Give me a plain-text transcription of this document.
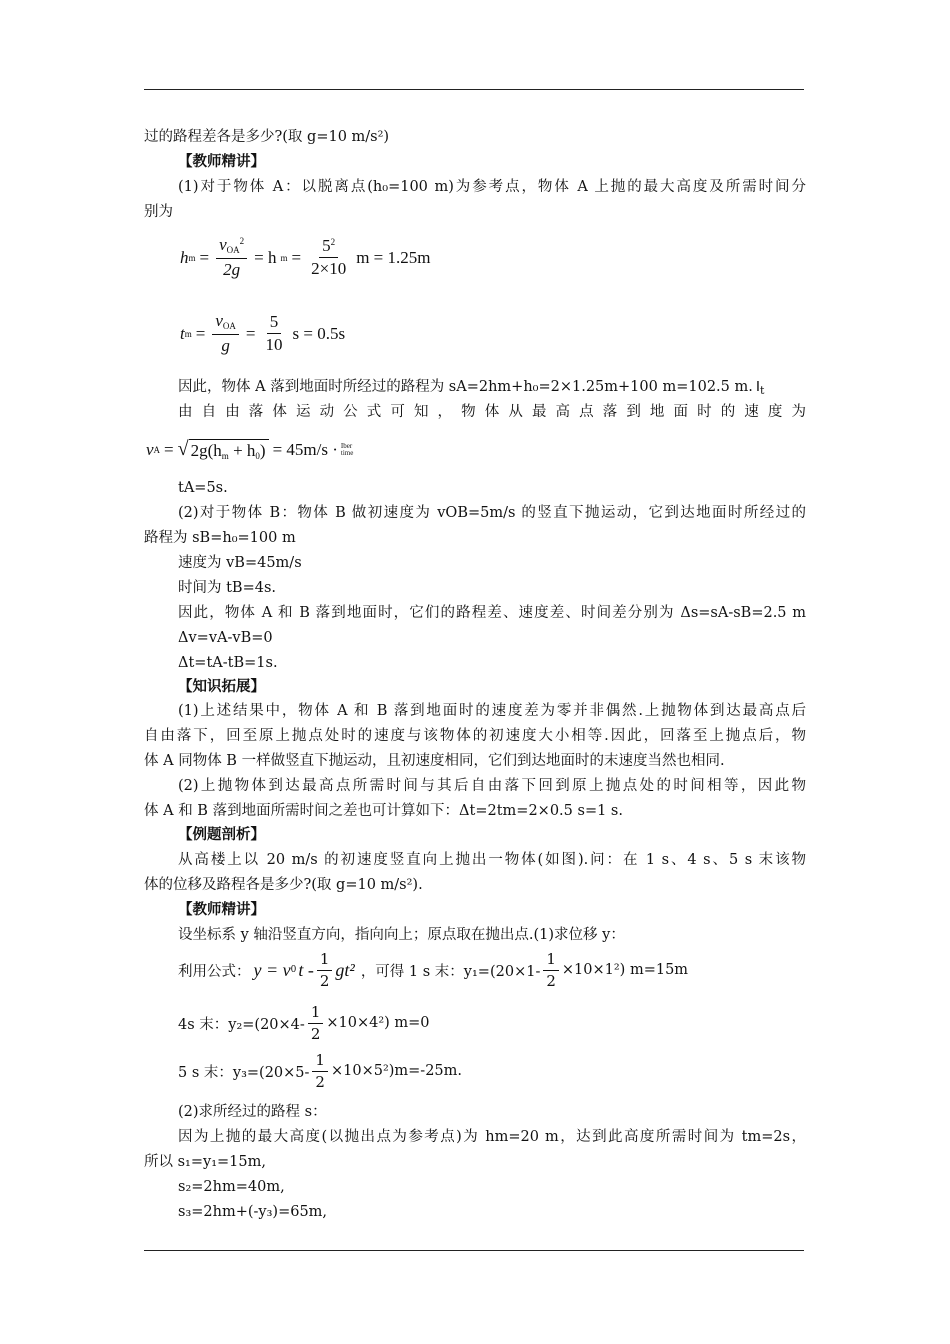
过的路程差各是多少?(取 g=10 m/s²)
【教师精讲】
(1)对于物体 A：以脱离点(h₀=100 m)为参考点，物体 A 上抛的最大高度及所需时间分
别为
h $m = \frac{v_{OA}^2}{2g} = h$ $m = \frac{5^2}{2\times 10}$ m = 1.25m
t $m = \frac{v_{OA}}{g} = \frac{5}{10}$ s = 0.5s
因此，物体 A 落到地面时所经过的路程为 sA=2hm+h₀=2×1.25m+100 m=102.5 m. $I_t$
由自由落体运动公式可知，物体从最高点落到地面时的速度为
v A = √ $2g(h_m + h_0) = 45m/s$ · Iber
time
tA=5s.
(2)对于物体 B：物体 B 做初速度为 vOB=5m/s 的竖直下抛运动，它到达地面时所经过的
路程为 sB=h₀=100 m
速度为 vB=45m/s
时间为 tB=4s.
因此，物体 A 和 B 落到地面时，它们的路程差、速度差、时间差分别为 Δs=sA-sB=2.5 m
Δv=vA-vB=0
Δt=tA-tB=1s.
【知识拓展】
(1)上述结果中，物体 A 和 B 落到地面时的速度差为零并非偶然.上抛物体到达最高点后
自由落下，回至原上抛点处时的速度与该物体的初速度大小相等.因此，回落至上抛点后，物
体 A 同物体 B 一样做竖直下抛运动，且初速度相同，它们到达地面时的末速度当然也相同.
(2)上抛物体到达最高点所需时间与其后自由落下回到原上抛点处的时间相等，因此物
体 A 和 B 落到地面所需时间之差也可计算如下：Δt=2tm=2×0.5 s=1 s.
【例题剖析】
从高楼上以 20 m/s 的初速度竖直向上抛出一物体(如图).问：在 1 s、4 s、5 s 末该物
体的位移及路程各是多少?(取 g=10 m/s²).
【教师精讲】
设坐标系 y 轴沿竖直方向，指向向上；原点取在抛出点.(1)求位移 y：
利用公式： y = v 0 t - $\frac{1}{2} gt^2$ ，可得 1 s 末：$y_1=(20\times 1- \frac{1}{2} \times 10\times 1^2)$ m=15m
4s 末：$y_2=(20\times 4- \frac{1}{2} \times 10\times 4^2)$ m=0
5 s 末：$y_3=(20\times 5- \frac{1}{2} \times 10\times 5^2)m=-25m$.
(2)求所经过的路程 s：
因为上抛的最大高度(以抛出点为参考点)为 hm=20 m，达到此高度所需时间为 tm=2s，
所以 s₁=y₁=15m,
s₂=2hm=40m,
s₃=2hm+(-y₃)=65m,
